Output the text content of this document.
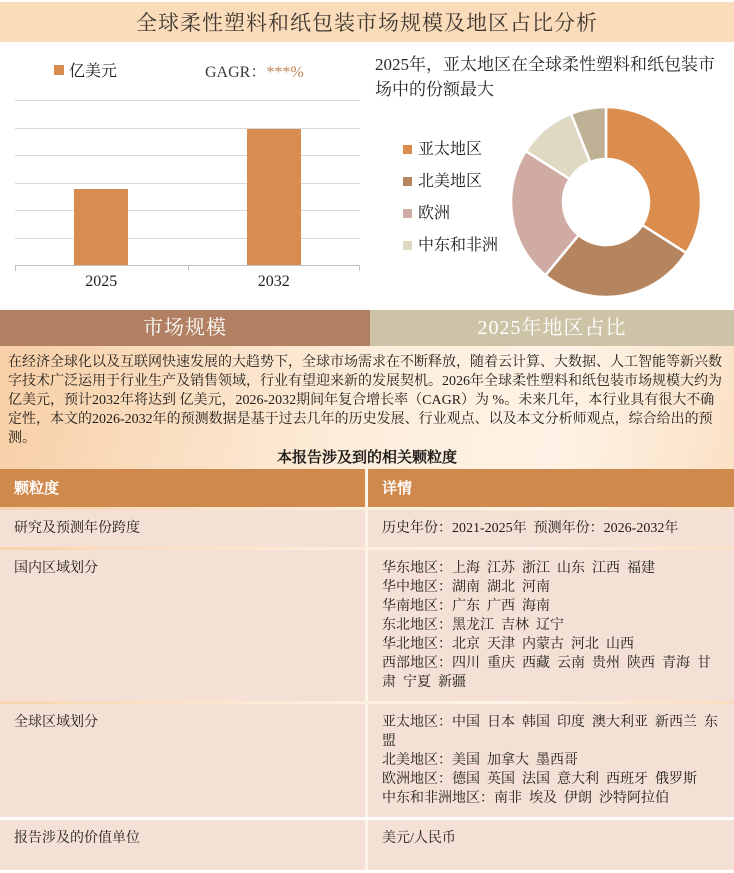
全球柔性塑料和纸包装市场规模及地区占比分析
亿美元	GAGR：***%
2025	2032
2025年，亚太地区在全球柔性塑料和纸包装市场中的份额最大
亚太地区
北美地区
欧洲
中东和非洲
市场规模	2025年地区占比
在经济全球化以及互联网快速发展的大趋势下，全球市场需求在不断释放，随着云计算、大数据、人工智能等新兴数字技术广泛运用于行业生产及销售领域，行业有望迎来新的发展契机。2026年全球柔性塑料和纸包装市场规模大约为 亿美元，预计2032年将达到 亿美元，2026-2032期间年复合增长率（CAGR）为 %。未来几年，本行业具有很大不确定性，本文的2026-2032年的预测数据是基于过去几年的历史发展、行业观点、以及本文分析师观点，综合给出的预测。
本报告涉及到的相关颗粒度
颗粒度	详情
研究及预测年份跨度	历史年份：2021-2025年  预测年份：2026-2032年

国内区域划分	华东地区：上海  江苏  浙江  山东  江西  福建
华中地区：湖南  湖北  河南
华南地区：广东  广西  海南
东北地区：黑龙江  吉林  辽宁
华北地区：北京  天津  内蒙古  河北  山西
西部地区：四川  重庆  西藏  云南  贵州  陕西  青海  甘肃  宁夏  新疆

全球区域划分	亚太地区：中国  日本  韩国  印度  澳大利亚  新西兰  东盟
北美地区：美国  加拿大  墨西哥
欧洲地区：德国  英国  法国  意大利  西班牙  俄罗斯
中东和非洲地区：南非  埃及  伊朗  沙特阿拉伯

报告涉及的价值单位	美元/人民币
